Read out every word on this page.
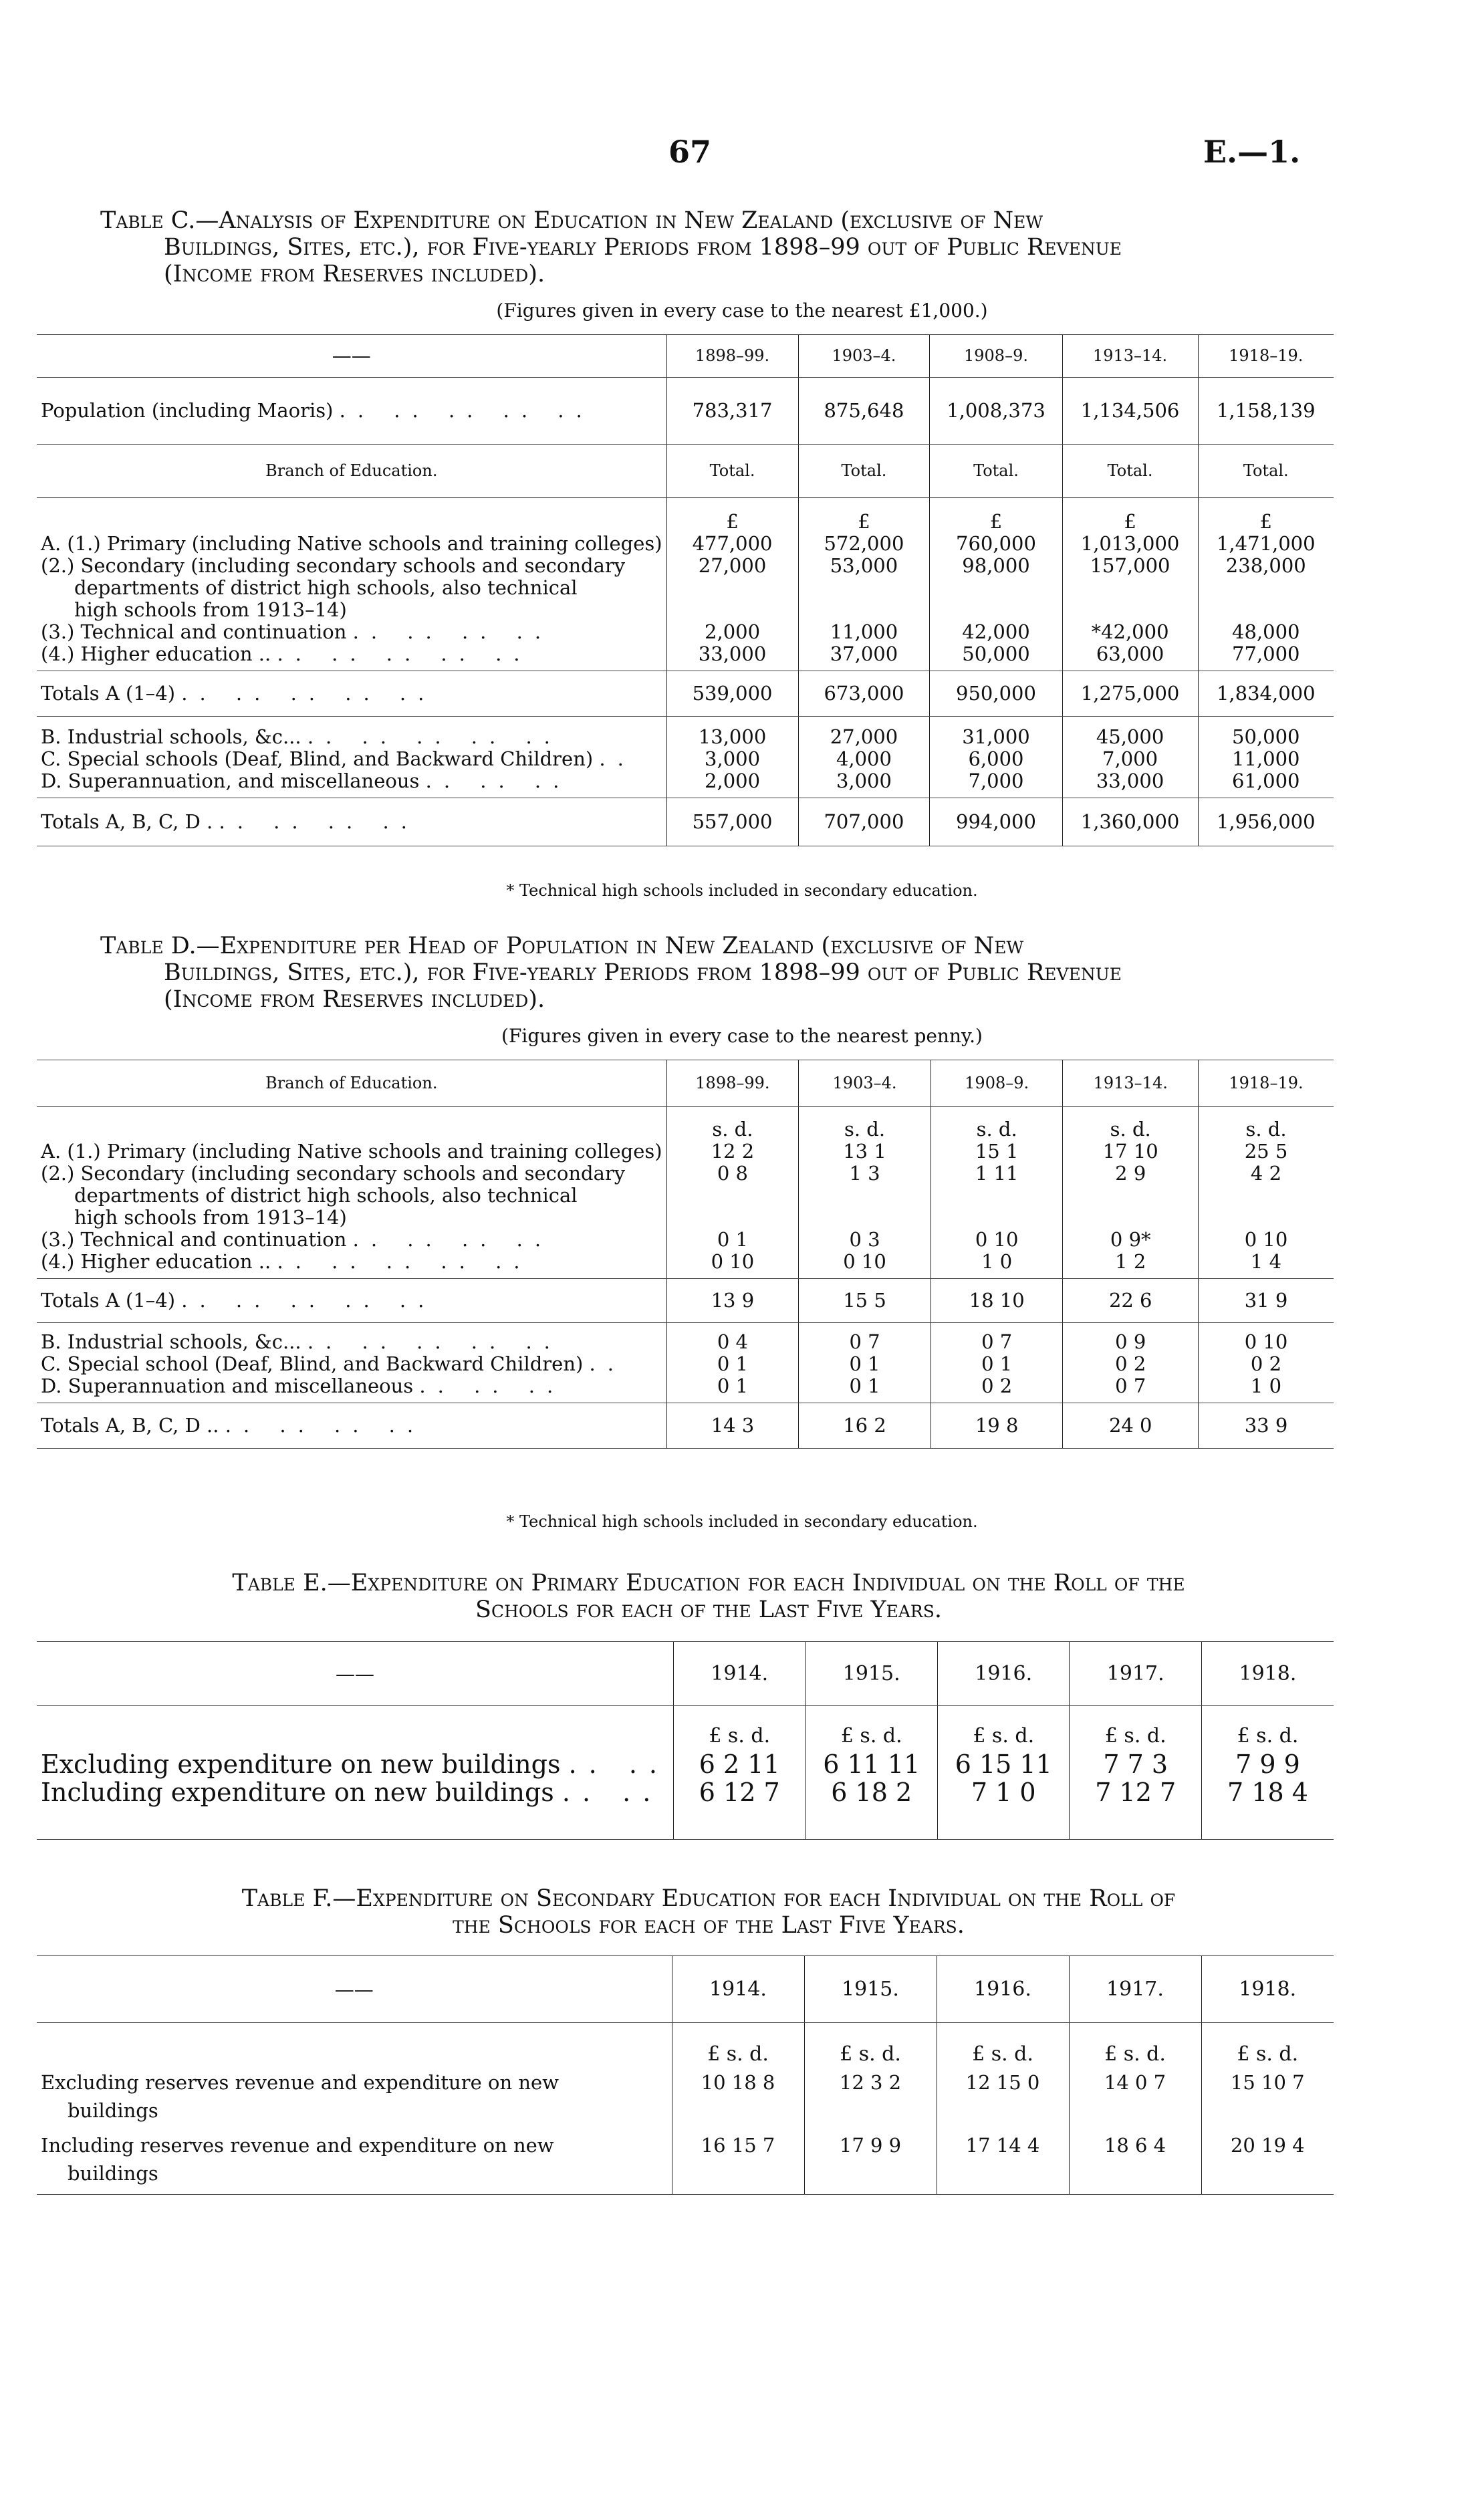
67	E.—1.
Table C.—Analysis of Expenditure on Education in New Zealand (exclusive of New
Buildings, Sites, etc.), for Five-yearly Periods from 1898–99 out of Public Revenue
(Income from Reserves included).
(Figures given in every case to the nearest £1,000.)
——	1898–99.	1903–4.	1908–9.	1913–14.	1918–19.
Population (including Maoris) .. .. .. .. ..	783,317	875,648	1,008,373	1,134,506	1,158,139
Branch of Education.	Total.	Total.	Total.	Total.	Total.
	£	£	£	£	£
A. (1.) Primary (including Native schools and training colleges)	477,000	572,000	760,000	1,013,000	1,471,000
(2.) Secondary (including secondary schools and secondary
departments of district high schools, also technical
high schools from 1913–14)	27,000	53,000	98,000	157,000	238,000
(3.) Technical and continuation .. .. .. ..	2,000	11,000	42,000	*42,000	48,000
(4.) Higher education .. .. .. .. .. ..	33,000	37,000	50,000	63,000	77,000
Totals A (1–4) .. .. .. .. ..	539,000	673,000	950,000	1,275,000	1,834,000
B. Industrial schools, &c... .. .. .. .. ..	13,000	27,000	31,000	45,000	50,000
C. Special schools (Deaf, Blind, and Backward Children) ..	3,000	4,000	6,000	7,000	11,000
D. Superannuation, and miscellaneous .. .. ..	2,000	3,000	7,000	33,000	61,000
Totals A, B, C, D . .. .. .. ..	557,000	707,000	994,000	1,360,000	1,956,000
* Technical high schools included in secondary education.
Table D.—Expenditure per Head of Population in New Zealand (exclusive of New
Buildings, Sites, etc.), for Five-yearly Periods from 1898–99 out of Public Revenue
(Income from Reserves included).
(Figures given in every case to the nearest penny.)
Branch of Education.	1898–99.	1903–4.	1908–9.	1913–14.	1918–19.
	s. d.	s. d.	s. d.	s. d.	s. d.
A. (1.) Primary (including Native schools and training colleges)	12 2	13 1	15 1	17 10	25 5
(2.) Secondary (including secondary schools and secondary
departments of district high schools, also technical
high schools from 1913–14)	0 8	1 3	1 11	2 9	4 2
(3.) Technical and continuation .. .. .. ..	0 1	0 3	0 10	0 9*	0 10
(4.) Higher education .. .. .. .. .. ..	0 10	0 10	1 0	1 2	1 4
Totals A (1–4) .. .. .. .. ..	13 9	15 5	18 10	22 6	31 9
B. Industrial schools, &c... .. .. .. .. ..	0 4	0 7	0 7	0 9	0 10
C. Special school (Deaf, Blind, and Backward Children) ..	0 1	0 1	0 1	0 2	0 2
D. Superannuation and miscellaneous .. .. ..	0 1	0 1	0 2	0 7	1 0
Totals A, B, C, D .. .. .. .. ..	14 3	16 2	19 8	24 0	33 9
* Technical high schools included in secondary education.
Table E.—Expenditure on Primary Education for each Individual on the Roll of the
Schools for each of the Last Five Years.
——	1914.	1915.	1916.	1917.	1918.
	£ s. d.	£ s. d.	£ s. d.	£ s. d.	£ s. d.
Excluding expenditure on new buildings .. ..	6 2 11	6 11 11	6 15 11	7 7 3	7 9 9
Including expenditure on new buildings .. ..	6 12 7	6 18 2	7 1 0	7 12 7	7 18 4
Table F.—Expenditure on Secondary Education for each Individual on the Roll of
the Schools for each of the Last Five Years.
——	1914.	1915.	1916.	1917.	1918.
	£ s. d.	£ s. d.	£ s. d.	£ s. d.	£ s. d.
Excluding reserves revenue and expenditure on new
buildings	10 18 8	12 3 2	12 15 0	14 0 7	15 10 7
Including reserves revenue and expenditure on new
buildings	16 15 7	17 9 9	17 14 4	18 6 4	20 19 4
